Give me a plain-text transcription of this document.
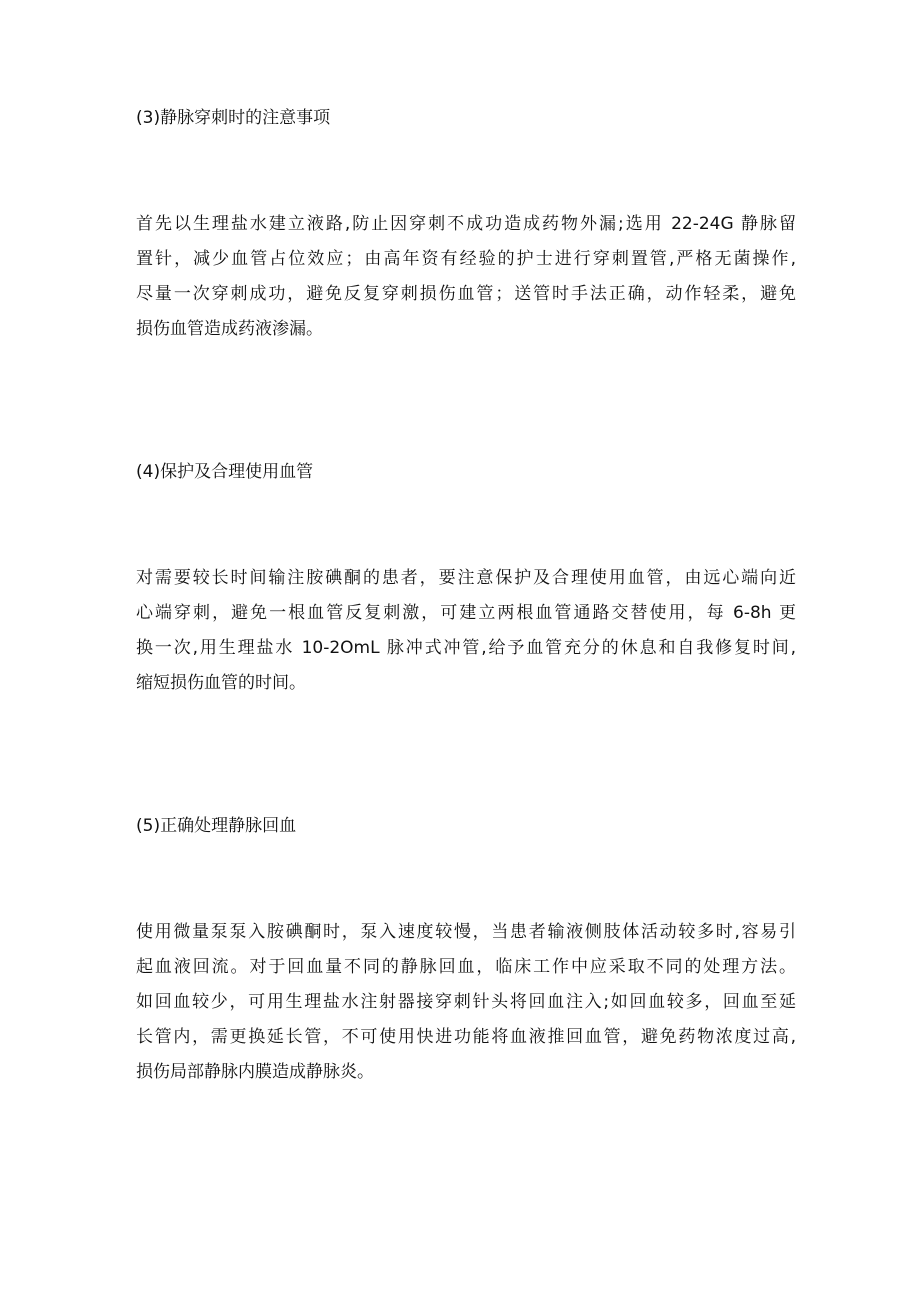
(3)静脉穿刺时的注意事项
首先以生理盐水建立液路,防止因穿刺不成功造成药物外漏;选用 22-24G 静脉留
置针，减少血管占位效应；由高年资有经验的护士进行穿刺置管,严格无菌操作,
尽量一次穿刺成功，避免反复穿刺损伤血管；送管时手法正确，动作轻柔，避免
损伤血管造成药液渗漏。
(4)保护及合理使用血管
对需要较长时间输注胺碘酮的患者，要注意保护及合理使用血管，由远心端向近
心端穿刺，避免一根血管反复刺激，可建立两根血管通路交替使用，每 6-8h 更
换一次,用生理盐水 10-2OmL 脉冲式冲管,给予血管充分的休息和自我修复时间,
缩短损伤血管的时间。
(5)正确处理静脉回血
使用微量泵泵入胺碘酮时，泵入速度较慢，当患者输液侧肢体活动较多时,容易引
起血液回流。对于回血量不同的静脉回血，临床工作中应采取不同的处理方法。
如回血较少，可用生理盐水注射器接穿刺针头将回血注入;如回血较多，回血至延
长管内，需更换延长管，不可使用快进功能将血液推回血管，避免药物浓度过高,
损伤局部静脉内膜造成静脉炎。
